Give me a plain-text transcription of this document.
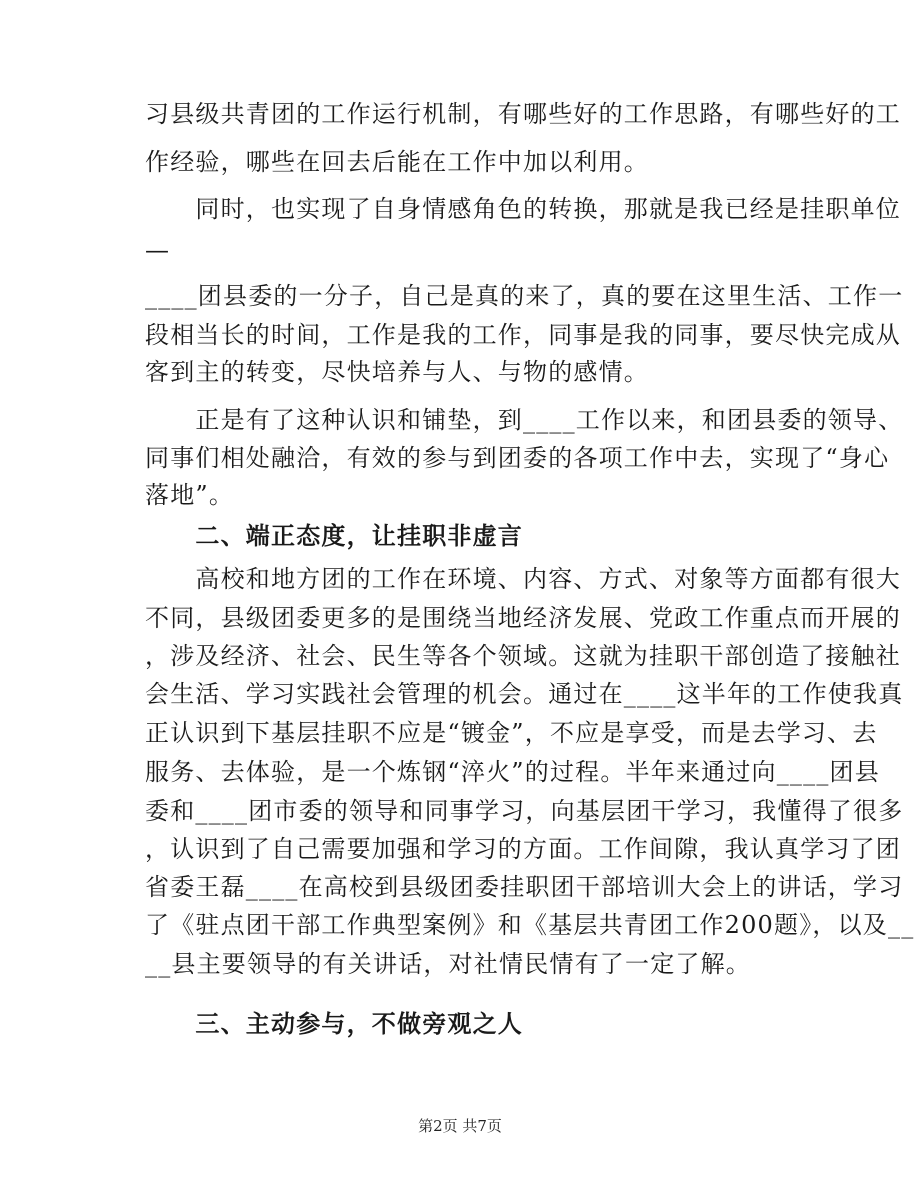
习县级共青团的工作运行机制，有哪些好的工作思路，有哪些好的工
作经验，哪些在回去后能在工作中加以利用。
　　同时，也实现了自身情感角色的转换，那就是我已经是挂职单位
—
____团县委的一分子，自己是真的来了，真的要在这里生活、工作一
段相当长的时间，工作是我的工作，同事是我的同事，要尽快完成从
客到主的转变，尽快培养与人、与物的感情。
　　正是有了这种认识和铺垫，到____工作以来，和团县委的领导、
同事们相处融洽，有效的参与到团委的各项工作中去，实现了“身心
落地”。
　　二、端正态度，让挂职非虚言
　　高校和地方团的工作在环境、内容、方式、对象等方面都有很大
不同，县级团委更多的是围绕当地经济发展、党政工作重点而开展的
，涉及经济、社会、民生等各个领域。这就为挂职干部创造了接触社
会生活、学习实践社会管理的机会。通过在____这半年的工作使我真
正认识到下基层挂职不应是“镀金”，不应是享受，而是去学习、去
服务、去体验，是一个炼钢“淬火”的过程。半年来通过向____团县
委和____团市委的领导和同事学习，向基层团干学习，我懂得了很多
，认识到了自己需要加强和学习的方面。工作间隙，我认真学习了团
省委王磊____在高校到县级团委挂职团干部培训大会上的讲话，学习
了《驻点团干部工作典型案例》和《基层共青团工作200题》，以及__
__县主要领导的有关讲话，对社情民情有了一定了解。
　　三、主动参与，不做旁观之人
第2页 共7页
